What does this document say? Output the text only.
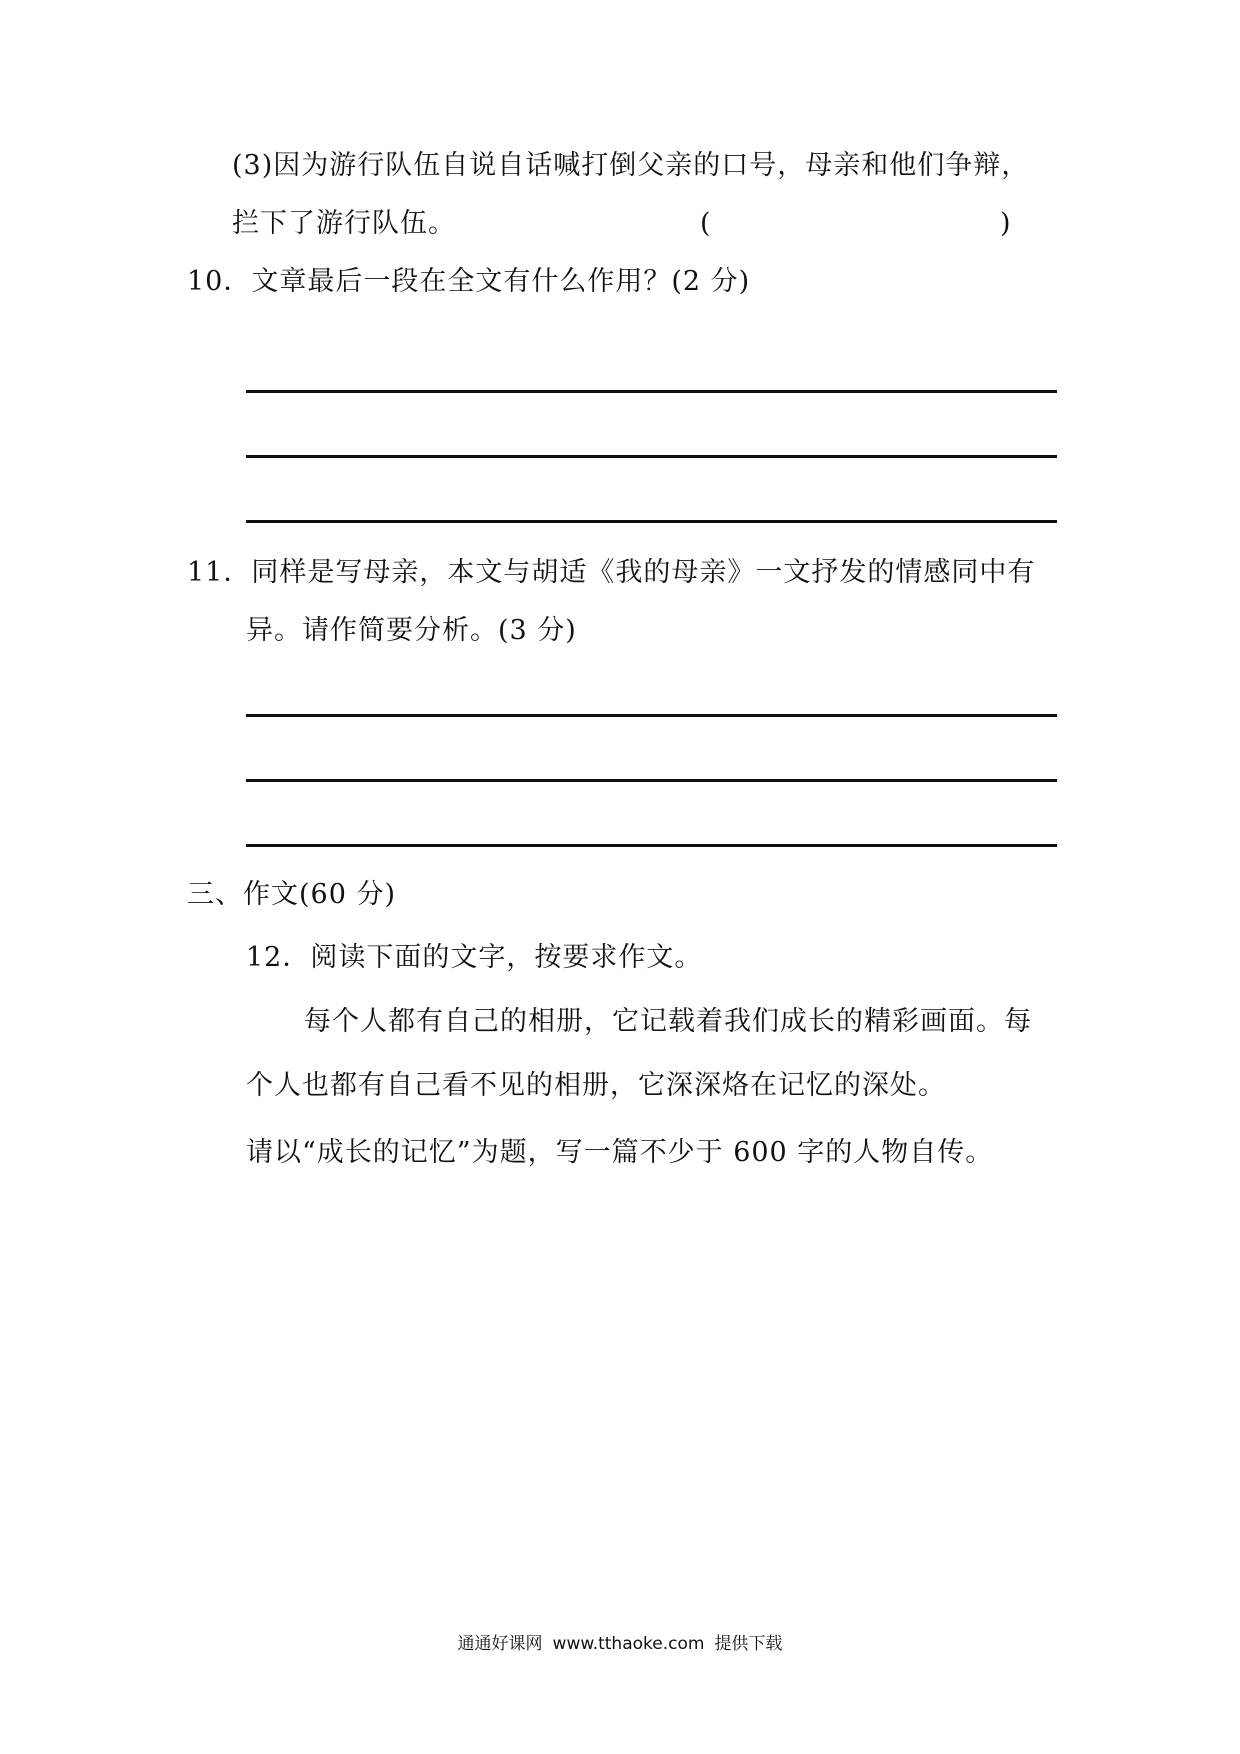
(3)因为游行队伍自说自话喊打倒父亲的口号，母亲和他们争辩，
拦下了游行队伍。	(	)
10．文章最后一段在全文有什么作用？(2 分)
11．同样是写母亲，本文与胡适《我的母亲》一文抒发的情感同中有
异。请作简要分析。(3 分)
三、作文(60 分)
12．阅读下面的文字，按要求作文。
每个人都有自己的相册，它记载着我们成长的精彩画面。每
个人也都有自己看不见的相册，它深深烙在记忆的深处。
请以“成长的记忆”为题，写一篇不少于 600 字的人物自传。
通通好课网 www.tthaoke.com 提供下载
